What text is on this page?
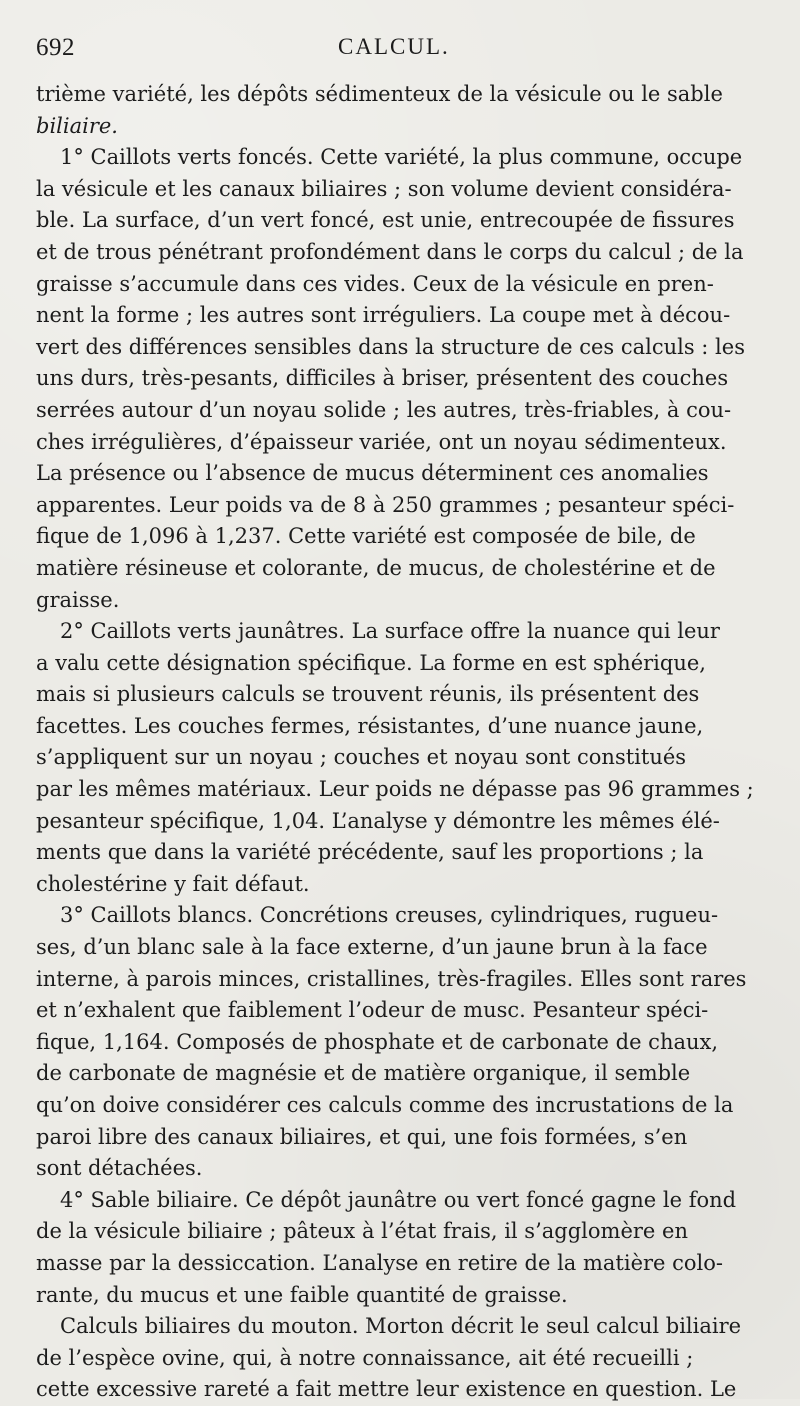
692	CALCUL.
trième variété, les dépôts sédimenteux de la vésicule ou le sable
biliaire.
1° Caillots verts foncés. Cette variété, la plus commune, occupe
la vésicule et les canaux biliaires ; son volume devient considéra-
ble. La surface, d’un vert foncé, est unie, entrecoupée de fissures
et de trous pénétrant profondément dans le corps du calcul ; de la
graisse s’accumule dans ces vides. Ceux de la vésicule en pren-
nent la forme ; les autres sont irréguliers. La coupe met à décou-
vert des différences sensibles dans la structure de ces calculs : les
uns durs, très-pesants, difficiles à briser, présentent des couches
serrées autour d’un noyau solide ; les autres, très-friables, à cou-
ches irrégulières, d’épaisseur variée, ont un noyau sédimenteux.
La présence ou l’absence de mucus déterminent ces anomalies
apparentes. Leur poids va de 8 à 250 grammes ; pesanteur spéci-
fique de 1,096 à 1,237. Cette variété est composée de bile, de
matière résineuse et colorante, de mucus, de cholestérine et de
graisse.
2° Caillots verts jaunâtres. La surface offre la nuance qui leur
a valu cette désignation spécifique. La forme en est sphérique,
mais si plusieurs calculs se trouvent réunis, ils présentent des
facettes. Les couches fermes, résistantes, d’une nuance jaune,
s’appliquent sur un noyau ; couches et noyau sont constitués
par les mêmes matériaux. Leur poids ne dépasse pas 96 grammes ;
pesanteur spécifique, 1,04. L’analyse y démontre les mêmes élé-
ments que dans la variété précédente, sauf les proportions ; la
cholestérine y fait défaut.
3° Caillots blancs. Concrétions creuses, cylindriques, rugueu-
ses, d’un blanc sale à la face externe, d’un jaune brun à la face
interne, à parois minces, cristallines, très-fragiles. Elles sont rares
et n’exhalent que faiblement l’odeur de musc. Pesanteur spéci-
fique, 1,164. Composés de phosphate et de carbonate de chaux,
de carbonate de magnésie et de matière organique, il semble
qu’on doive considérer ces calculs comme des incrustations de la
paroi libre des canaux biliaires, et qui, une fois formées, s’en
sont détachées.
4° Sable biliaire. Ce dépôt jaunâtre ou vert foncé gagne le fond
de la vésicule biliaire ; pâteux à l’état frais, il s’agglomère en
masse par la dessiccation. L’analyse en retire de la matière colo-
rante, du mucus et une faible quantité de graisse.
Calculs biliaires du mouton. Morton décrit le seul calcul biliaire
de l’espèce ovine, qui, à notre connaissance, ait été recueilli ;
cette excessive rareté a fait mettre leur existence en question. Le
